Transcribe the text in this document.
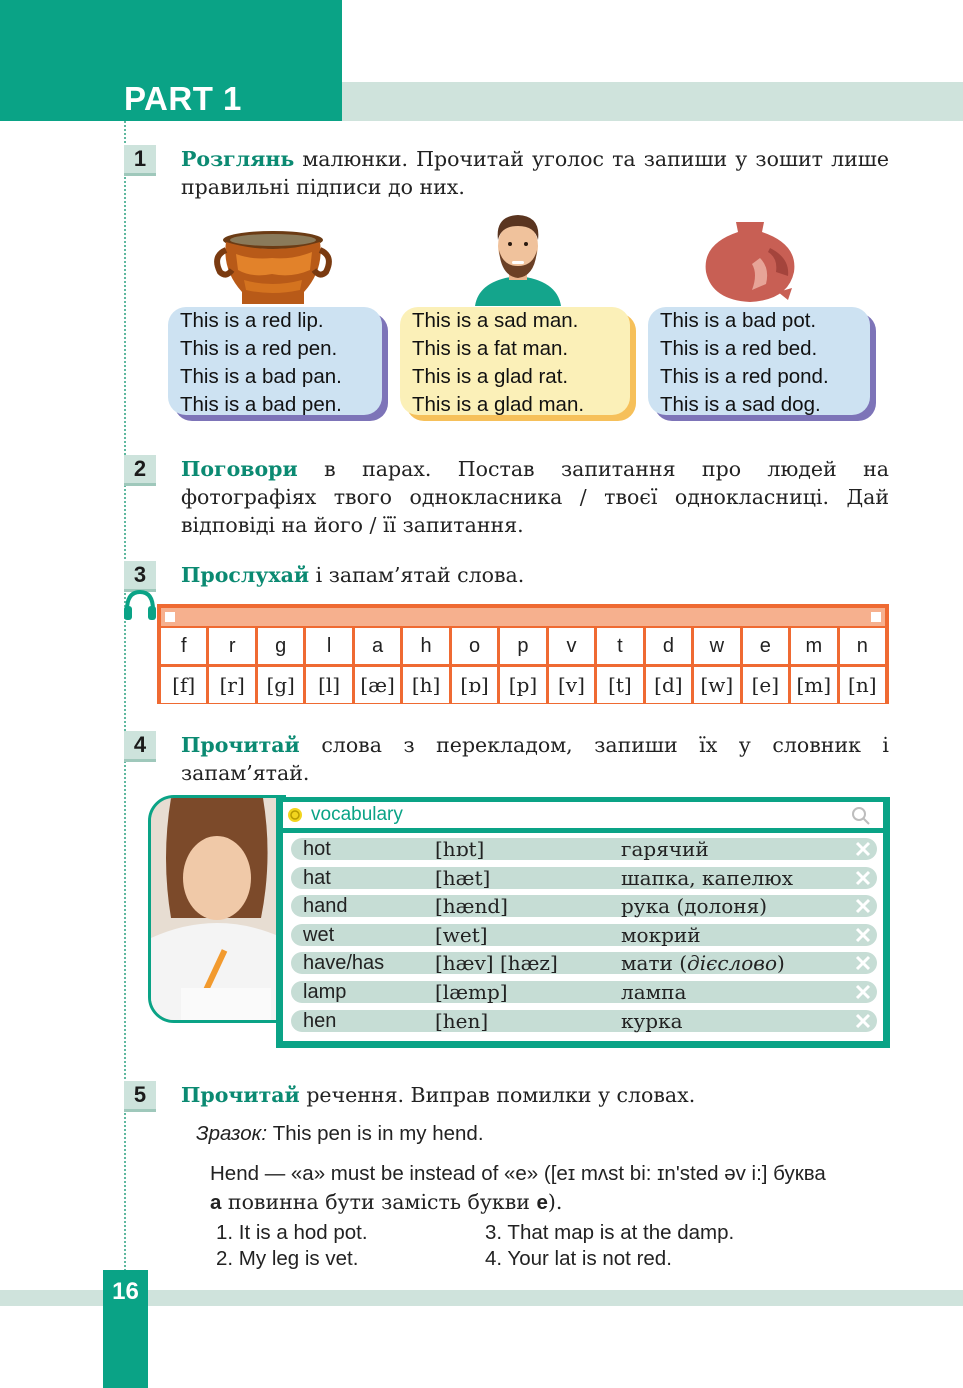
PART 1
1	Розглянь малюнки. Прочитай уголос та запиши у зошит лише правильні підписи до них.
This is a red lip.
This is a red pen.
This is a bad pan.
This is a bad pen.
This is a sad man.
This is a fat man.
This is a glad rat.
This is a glad man.
This is a bad pot.
This is a red bed.
This is a red pond.
This is a sad dog.
2	Поговори в парах. Постав запитання про людей на фотографіях твого однокласника / твоєї однокласниці. Дай відповіді на його / її запитання.
3	Прослухай і запам’ятай слова.
f	r	g	l	a	h	o	p	v	t	d	w	e	m	n
[f]	[r]	[g]	[l]	[æ] [h]	[ɒ]	[p]	[v]	[t]	[d] [w] [e] [m] [n]
4	Прочитай слова з перекладом, запиши їх у словник і запам’ятай.
vocabulary
hot	[hɒt]	гарячий
hat	[hæt]	шапка, капелюх
hand	[hænd]	рука (долоня)
wet	[wet]	мокрий
have/has	[hæv] [hæz]	мати (дієслово)
lamp	[læmp]	лампа
hen	[hen]	курка
5	Прочитай речення. Виправ помилки у словах.
Зразок: This pen is in my hend.
Hend — «a» must be instead of «e» ([eɪ mʌst bi: ɪn'sted əv i:] буква
a повинна бути замість букви e).
1. It is a hod pot.
2. My leg is vet.
3. That map is at the damp.
4. Your lat is not red.
16
